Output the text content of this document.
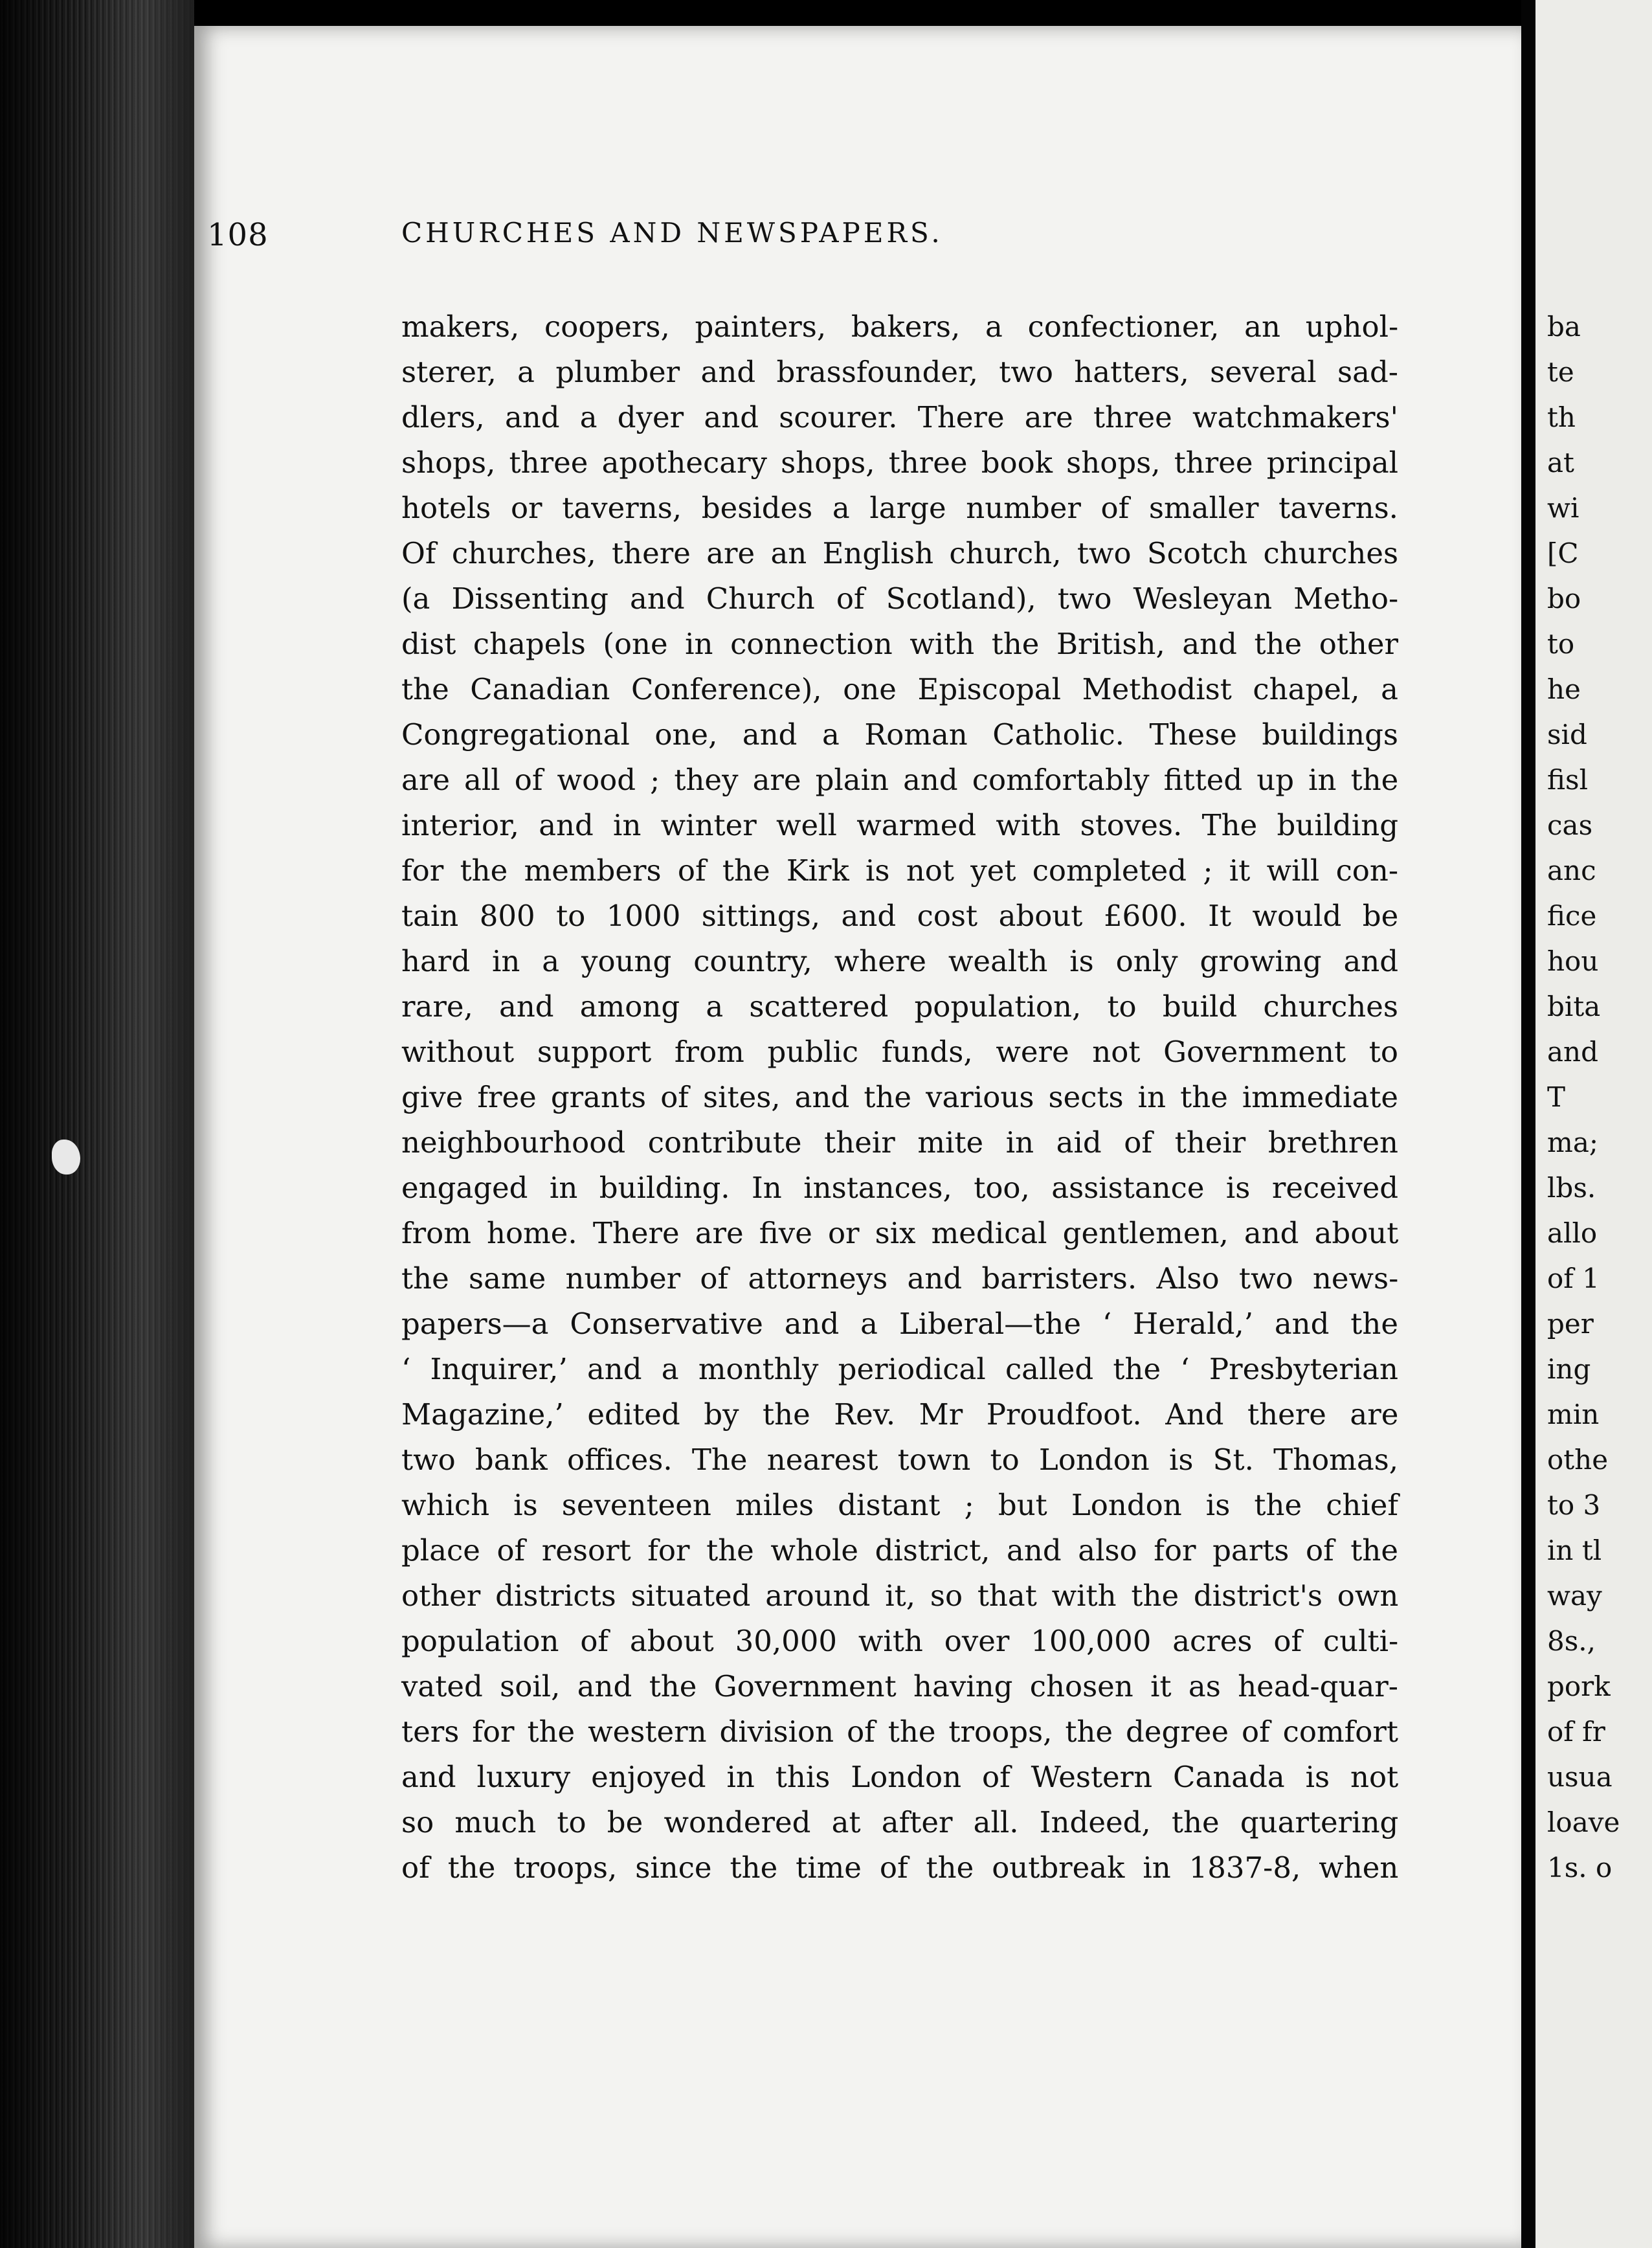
108	CHURCHES AND NEWSPAPERS.
makers, coopers, painters, bakers, a confectioner, an uphol-
sterer, a plumber and brassfounder, two hatters, several sad-
dlers, and a dyer and scourer. There are three watchmakers'
shops, three apothecary shops, three book shops, three principal
hotels or taverns, besides a large number of smaller taverns.
Of churches, there are an English church, two Scotch churches
(a Dissenting and Church of Scotland), two Wesleyan Metho-
dist chapels (one in connection with the British, and the other
the Canadian Conference), one Episcopal Methodist chapel, a
Congregational one, and a Roman Catholic. These buildings
are all of wood ; they are plain and comfortably fitted up in the
interior, and in winter well warmed with stoves. The building
for the members of the Kirk is not yet completed ; it will con-
tain 800 to 1000 sittings, and cost about £600. It would be
hard in a young country, where wealth is only growing and
rare, and among a scattered population, to build churches
without support from public funds, were not Government to
give free grants of sites, and the various sects in the immediate
neighbourhood contribute their mite in aid of their brethren
engaged in building. In instances, too, assistance is received
from home. There are five or six medical gentlemen, and about
the same number of attorneys and barristers. Also two news-
papers—a Conservative and a Liberal—the ‘ Herald,’ and the
‘ Inquirer,’ and a monthly periodical called the ‘ Presbyterian
Magazine,’ edited by the Rev. Mr Proudfoot. And there are
two bank offices. The nearest town to London is St. Thomas,
which is seventeen miles distant ; but London is the chief
place of resort for the whole district, and also for parts of the
other districts situated around it, so that with the district's own
population of about 30,000 with over 100,000 acres of culti-
vated soil, and the Government having chosen it as head-quar-
ters for the western division of the troops, the degree of comfort
and luxury enjoyed in this London of Western Canada is not
so much to be wondered at after all. Indeed, the quartering
of the troops, since the time of the outbreak in 1837-8, when
ba
te
th
at
wi
[C
bo
to
he
sid
fisl
cas
anc
fice
hou
bita
and
T
ma;
lbs.
allo
of 1
per
ing
min
othe
to 3
in tl
way
8s.,
pork
of fr
usua
loave
1s. o
